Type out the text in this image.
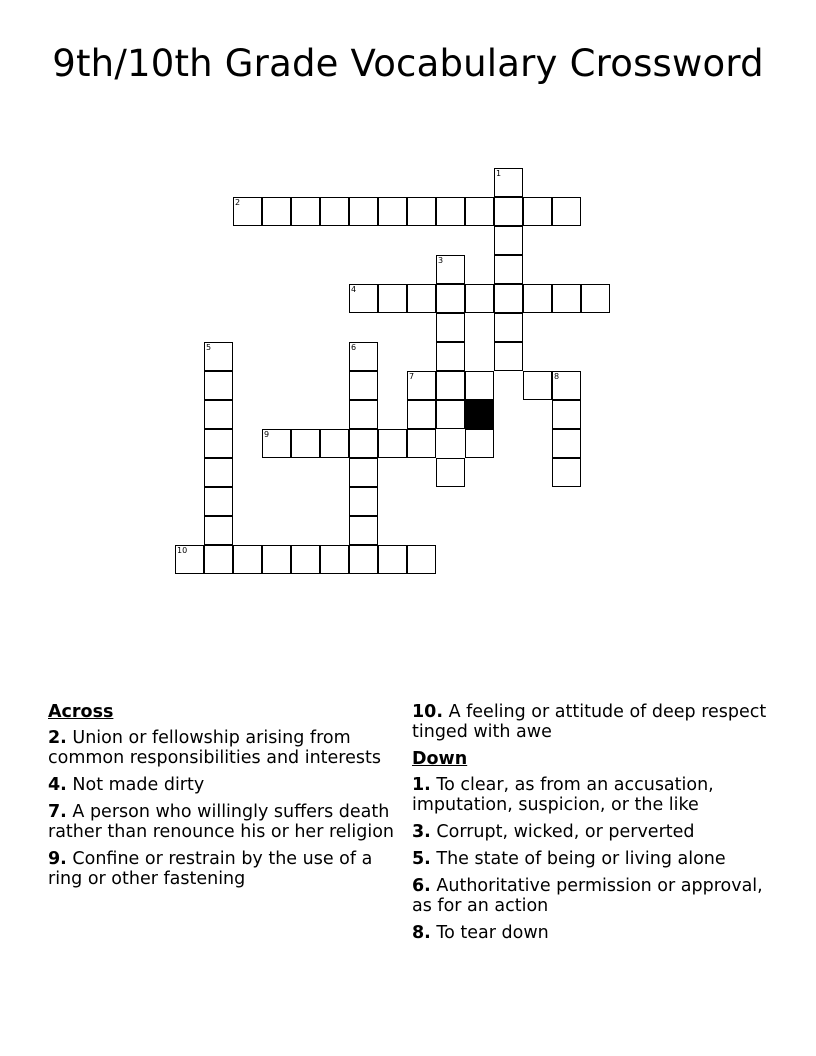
9th/10th Grade Vocabulary Crossword
1
2
3
4
5	6
7	8
9
10
Across
2. Union or fellowship arising from common responsibilities and interests
4. Not made dirty
7. A person who willingly suffers death rather than renounce his or her religion
9. Confine or restrain by the use of a ring or other fastening
10. A feeling or attitude of deep respect tinged with awe
Down
1. To clear, as from an accusation, imputation, suspicion, or the like
3. Corrupt, wicked, or perverted
5. The state of being or living alone
6. Authoritative permission or approval, as for an action
8. To tear down
